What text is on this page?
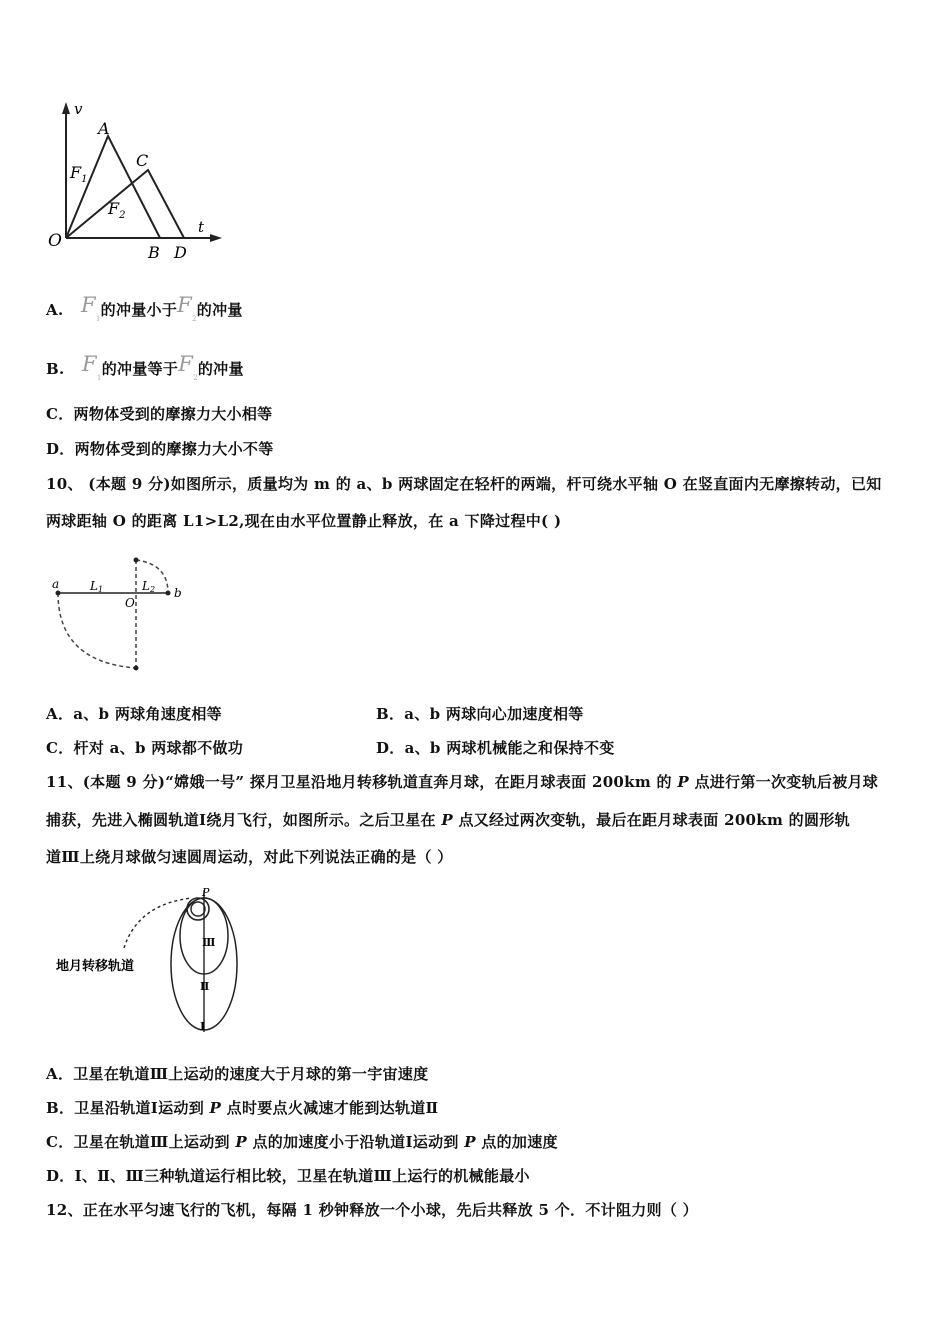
v
t
O
A
C
B D
$F_1$
$F_2$
A. $F_1$的冲量小于$F_2$的冲量
B. $F_1$的冲量等于$F_2$的冲量
C．两物体受到的摩擦力大小相等
D．两物体受到的摩擦力大小不等
10、 (本题 9 分)如图所示，质量均为 m 的 a、b 两球固定在轻杆的两端，杆可绕水平轴 O 在竖直面内无摩擦转动，已知
两球距轴 O 的距离 L1>L2,现在由水平位置静止释放，在 a 下降过程中( )
a
b
O
L1	L2
A．a、b 两球角速度相等	B．a、b 两球向心加速度相等
C．杆对 a、b 两球都不做功	D．a、b 两球机械能之和保持不变
11、(本题 9 分)“嫦娥一号” 探月卫星沿地月转移轨道直奔月球，在距月球表面 200km 的 P 点进行第一次变轨后被月球
捕获，先进入椭圆轨道Ⅰ绕月飞行，如图所示。之后卫星在 P 点又经过两次变轨，最后在距月球表面 200km 的圆形轨
道Ⅲ上绕月球做匀速圆周运动，对此下列说法正确的是（ ）
P
地月转移轨道
Ⅲ
Ⅱ
Ⅰ
A．卫星在轨道Ⅲ上运动的速度大于月球的第一宇宙速度
B．卫星沿轨道Ⅰ运动到 P 点时要点火减速才能到达轨道Ⅱ
C．卫星在轨道Ⅲ上运动到 P 点的加速度小于沿轨道Ⅰ运动到 P 点的加速度
D．Ⅰ、Ⅱ、Ⅲ三种轨道运行相比较，卫星在轨道Ⅲ上运行的机械能最小
12、正在水平匀速飞行的飞机，每隔 1 秒钟释放一个小球，先后共释放 5 个．不计阻力则（ ）
